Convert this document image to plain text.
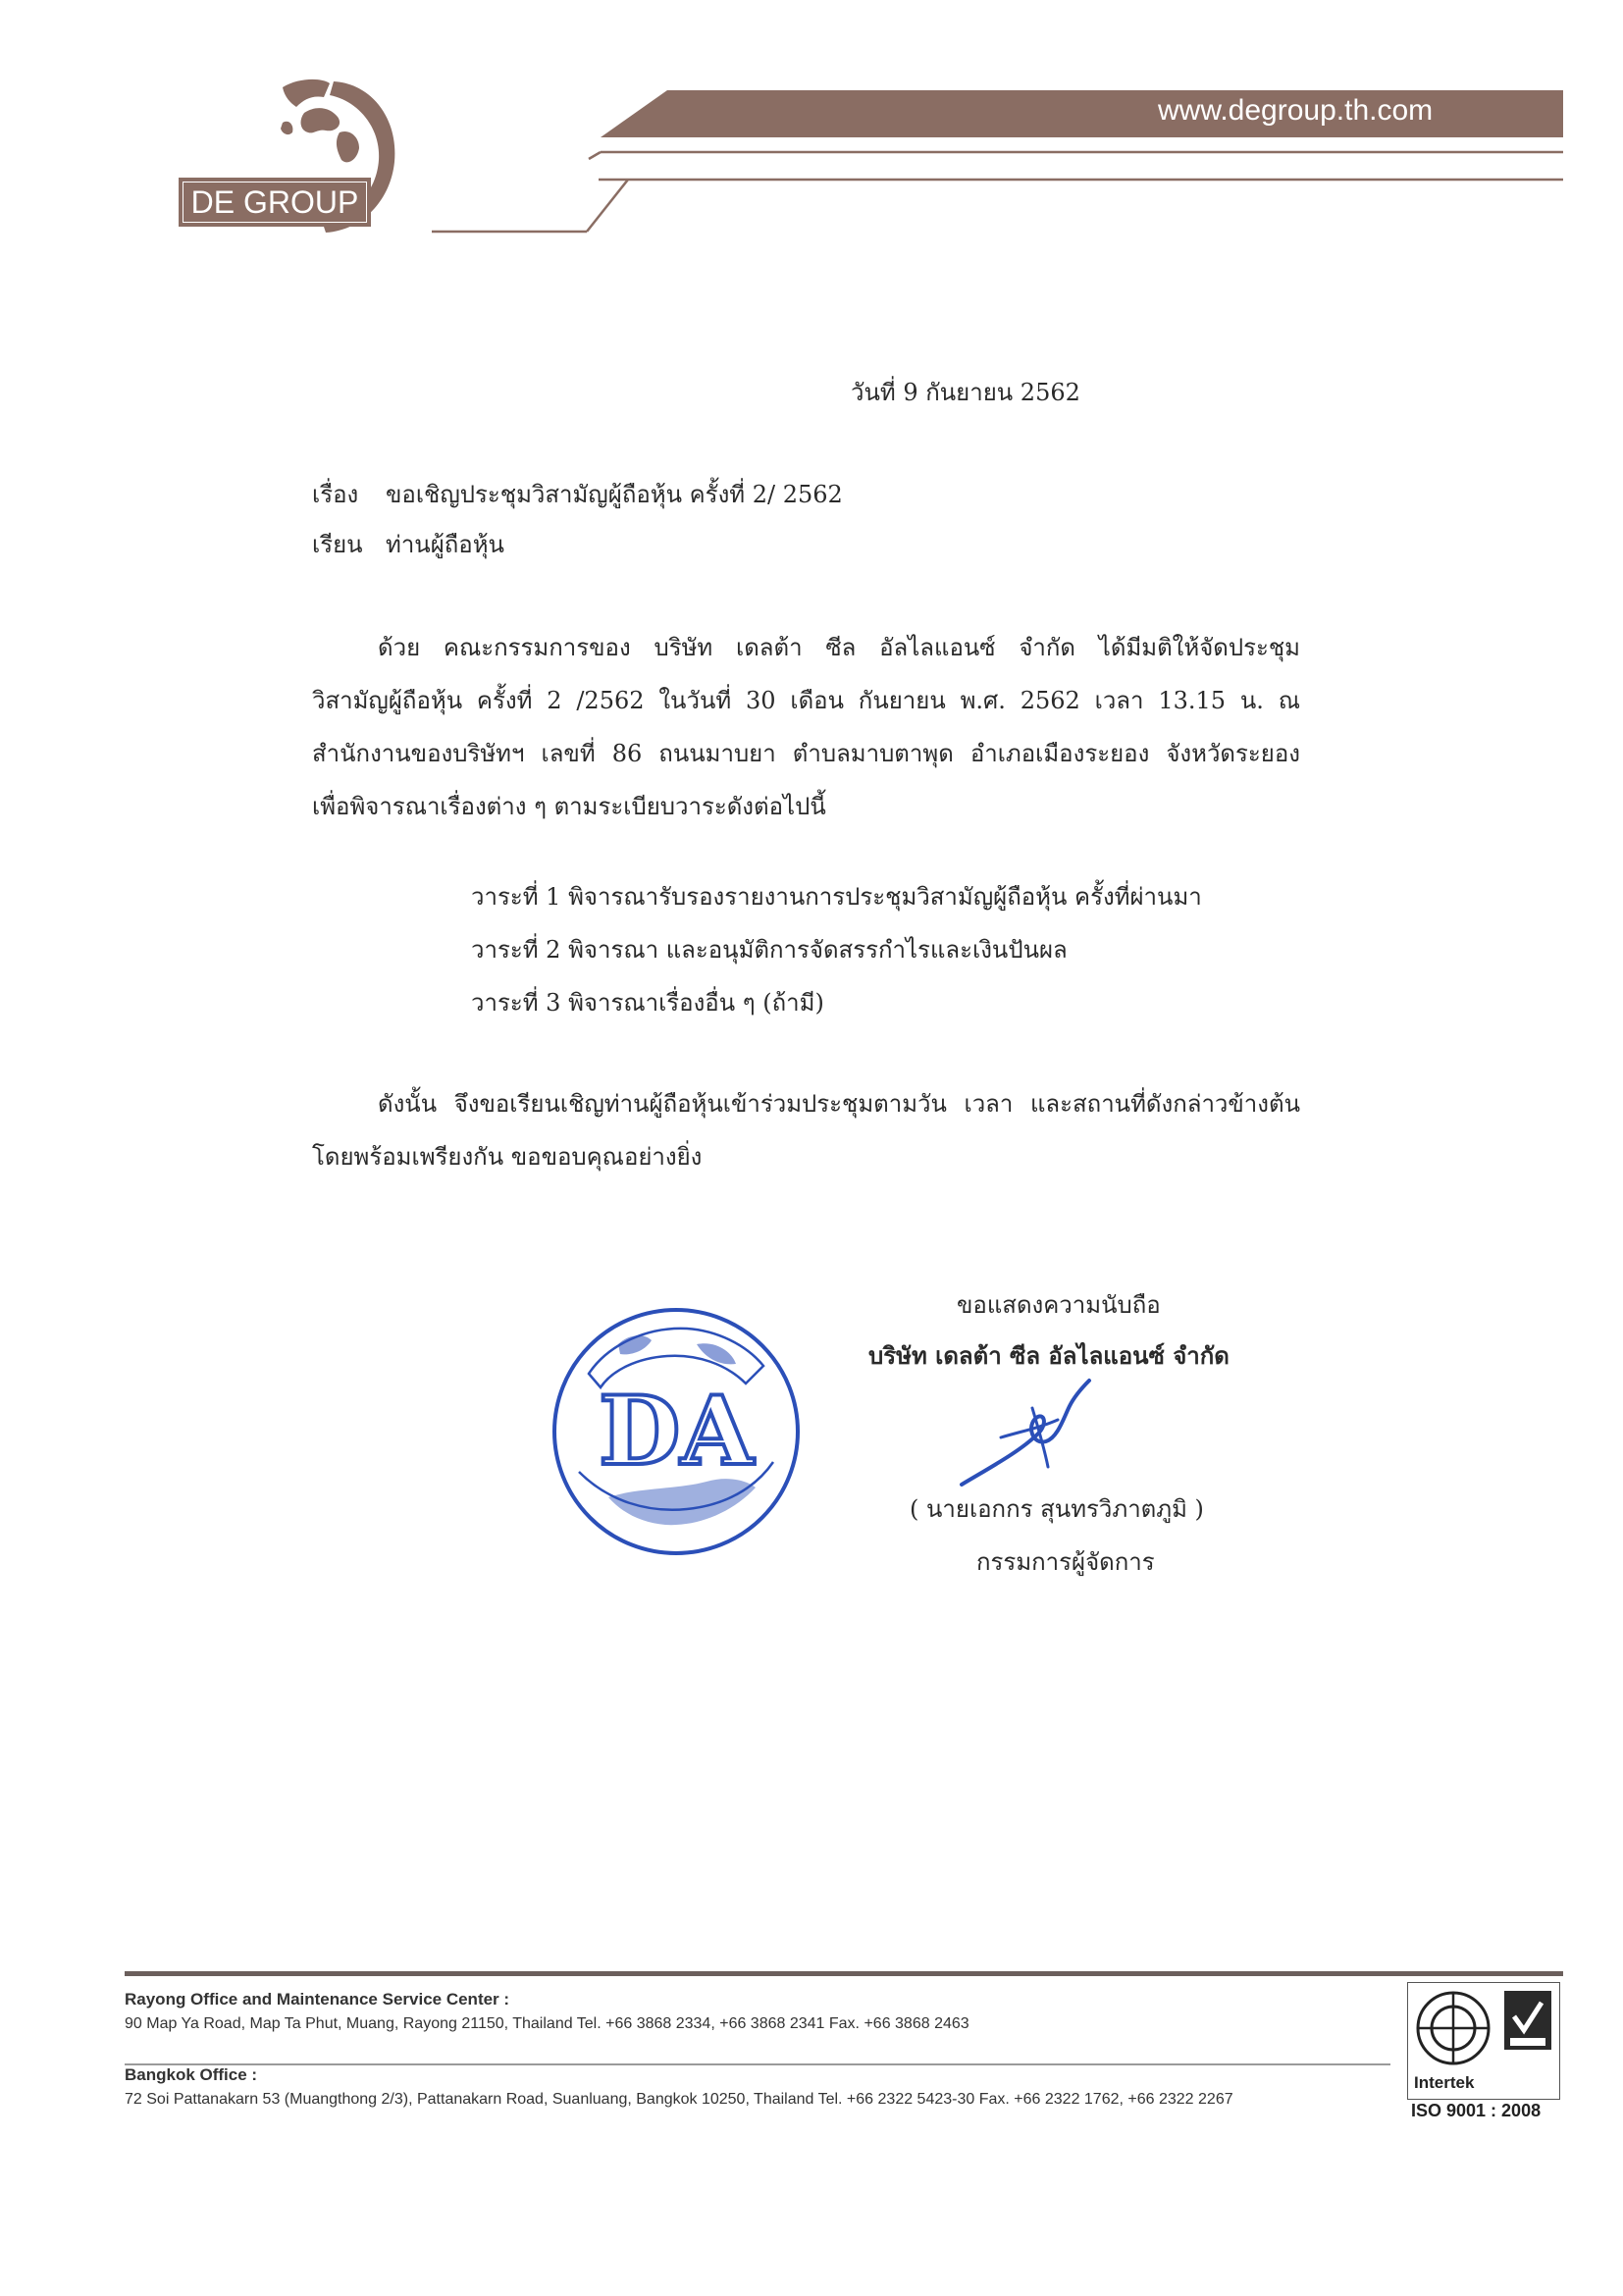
DE GROUP
www.degroup.th.com
วันที่ 9 กันยายน 2562
เรื่อง ขอเชิญประชุมวิสามัญผู้ถือหุ้น ครั้งที่ 2/ 2562
เรียน ท่านผู้ถือหุ้น
ด้วย คณะกรรมการของ บริษัท เดลต้า ซีล อัลไลแอนซ์ จำกัด ได้มีมติให้จัดประชุม
วิสามัญผู้ถือหุ้น ครั้งที่ 2 /2562 ในวันที่ 30 เดือน กันยายน พ.ศ. 2562 เวลา 13.15 น. ณ
สำนักงานของบริษัทฯ เลขที่ 86 ถนนมาบยา ตำบลมาบตาพุด อำเภอเมืองระยอง จังหวัดระยอง
เพื่อพิจารณาเรื่องต่าง ๆ ตามระเบียบวาระดังต่อไปนี้
วาระที่ 1 พิจารณารับรองรายงานการประชุมวิสามัญผู้ถือหุ้น ครั้งที่ผ่านมา
วาระที่ 2 พิจารณา และอนุมัติการจัดสรรกำไรและเงินปันผล
วาระที่ 3 พิจารณาเรื่องอื่น ๆ (ถ้ามี)
ดังนั้น จึงขอเรียนเชิญท่านผู้ถือหุ้นเข้าร่วมประชุมตามวัน เวลา และสถานที่ดังกล่าวข้างต้น
โดยพร้อมเพรียงกัน ขอขอบคุณอย่างยิ่ง
ขอแสดงความนับถือ
บริษัท เดลต้า ซีล อัลไลแอนซ์ จำกัด
( นายเอกกร สุนทรวิภาตภูมิ )
กรรมการผู้จัดการ
DA
Rayong Office and Maintenance Service Center :
90 Map Ya Road, Map Ta Phut, Muang, Rayong 21150, Thailand Tel. +66 3868 2334, +66 3868 2341 Fax. +66 3868 2463
Bangkok Office :
72 Soi Pattanakarn 53 (Muangthong 2/3), Pattanakarn Road, Suanluang, Bangkok 10250, Thailand Tel. +66 2322 5423-30 Fax. +66 2322 1762, +66 2322 2267
Intertek
ISO 9001 : 2008
